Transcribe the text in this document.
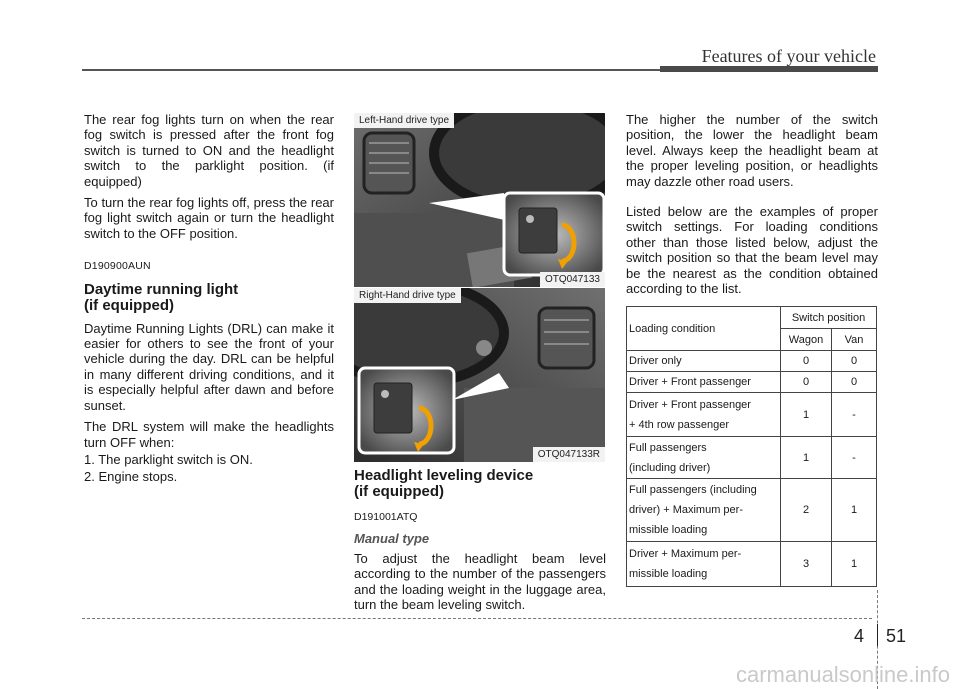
Features of your vehicle

The rear fog lights turn on when the rear fog switch is pressed after the front fog switch is turned to ON and the headlight switch to the parklight position. (if equipped)

To turn the rear fog lights off, press the rear fog light switch again or turn the headlight switch to the OFF position.

D190900AUN

Daytime running light
(if equipped)

Daytime Running Lights (DRL) can make it easier for others to see the front of your vehicle during the day. DRL can be helpful in many different driving conditions, and it is especially helpful after dawn and before sunset.

The DRL system will make the headlights turn OFF when:

1. The parklight switch is ON.

2. Engine stops.

Left-Hand drive type
OTQ047133
Right-Hand drive type
OTQ047133R
Headlight leveling device
(if equipped)

D191001ATQ

Manual type

To adjust the headlight beam level according to the number of the passengers and the loading weight in the luggage area, turn the beam leveling switch.

The higher the number of the switch position, the lower the headlight beam level. Always keep the headlight beam at the proper leveling position, or headlights may dazzle other road users.

Listed below are the examples of proper switch settings. For loading conditions other than those listed below, adjust the switch position so that the beam level may be the nearest as the condition obtained according to the list.

Loading condition	Switch position	
	Wagon	Van
Driver only	0	0
Driver + Front passenger	0	0

Driver + Front passenger
+ 4th row passenger	1	-

Full passengers
(including driver)	1	-

Full passengers (including
driver) + Maximum per-
missible loading	2	1

Driver + Maximum per-
missible loading	3	1
4 51
carmanualsonline.info
